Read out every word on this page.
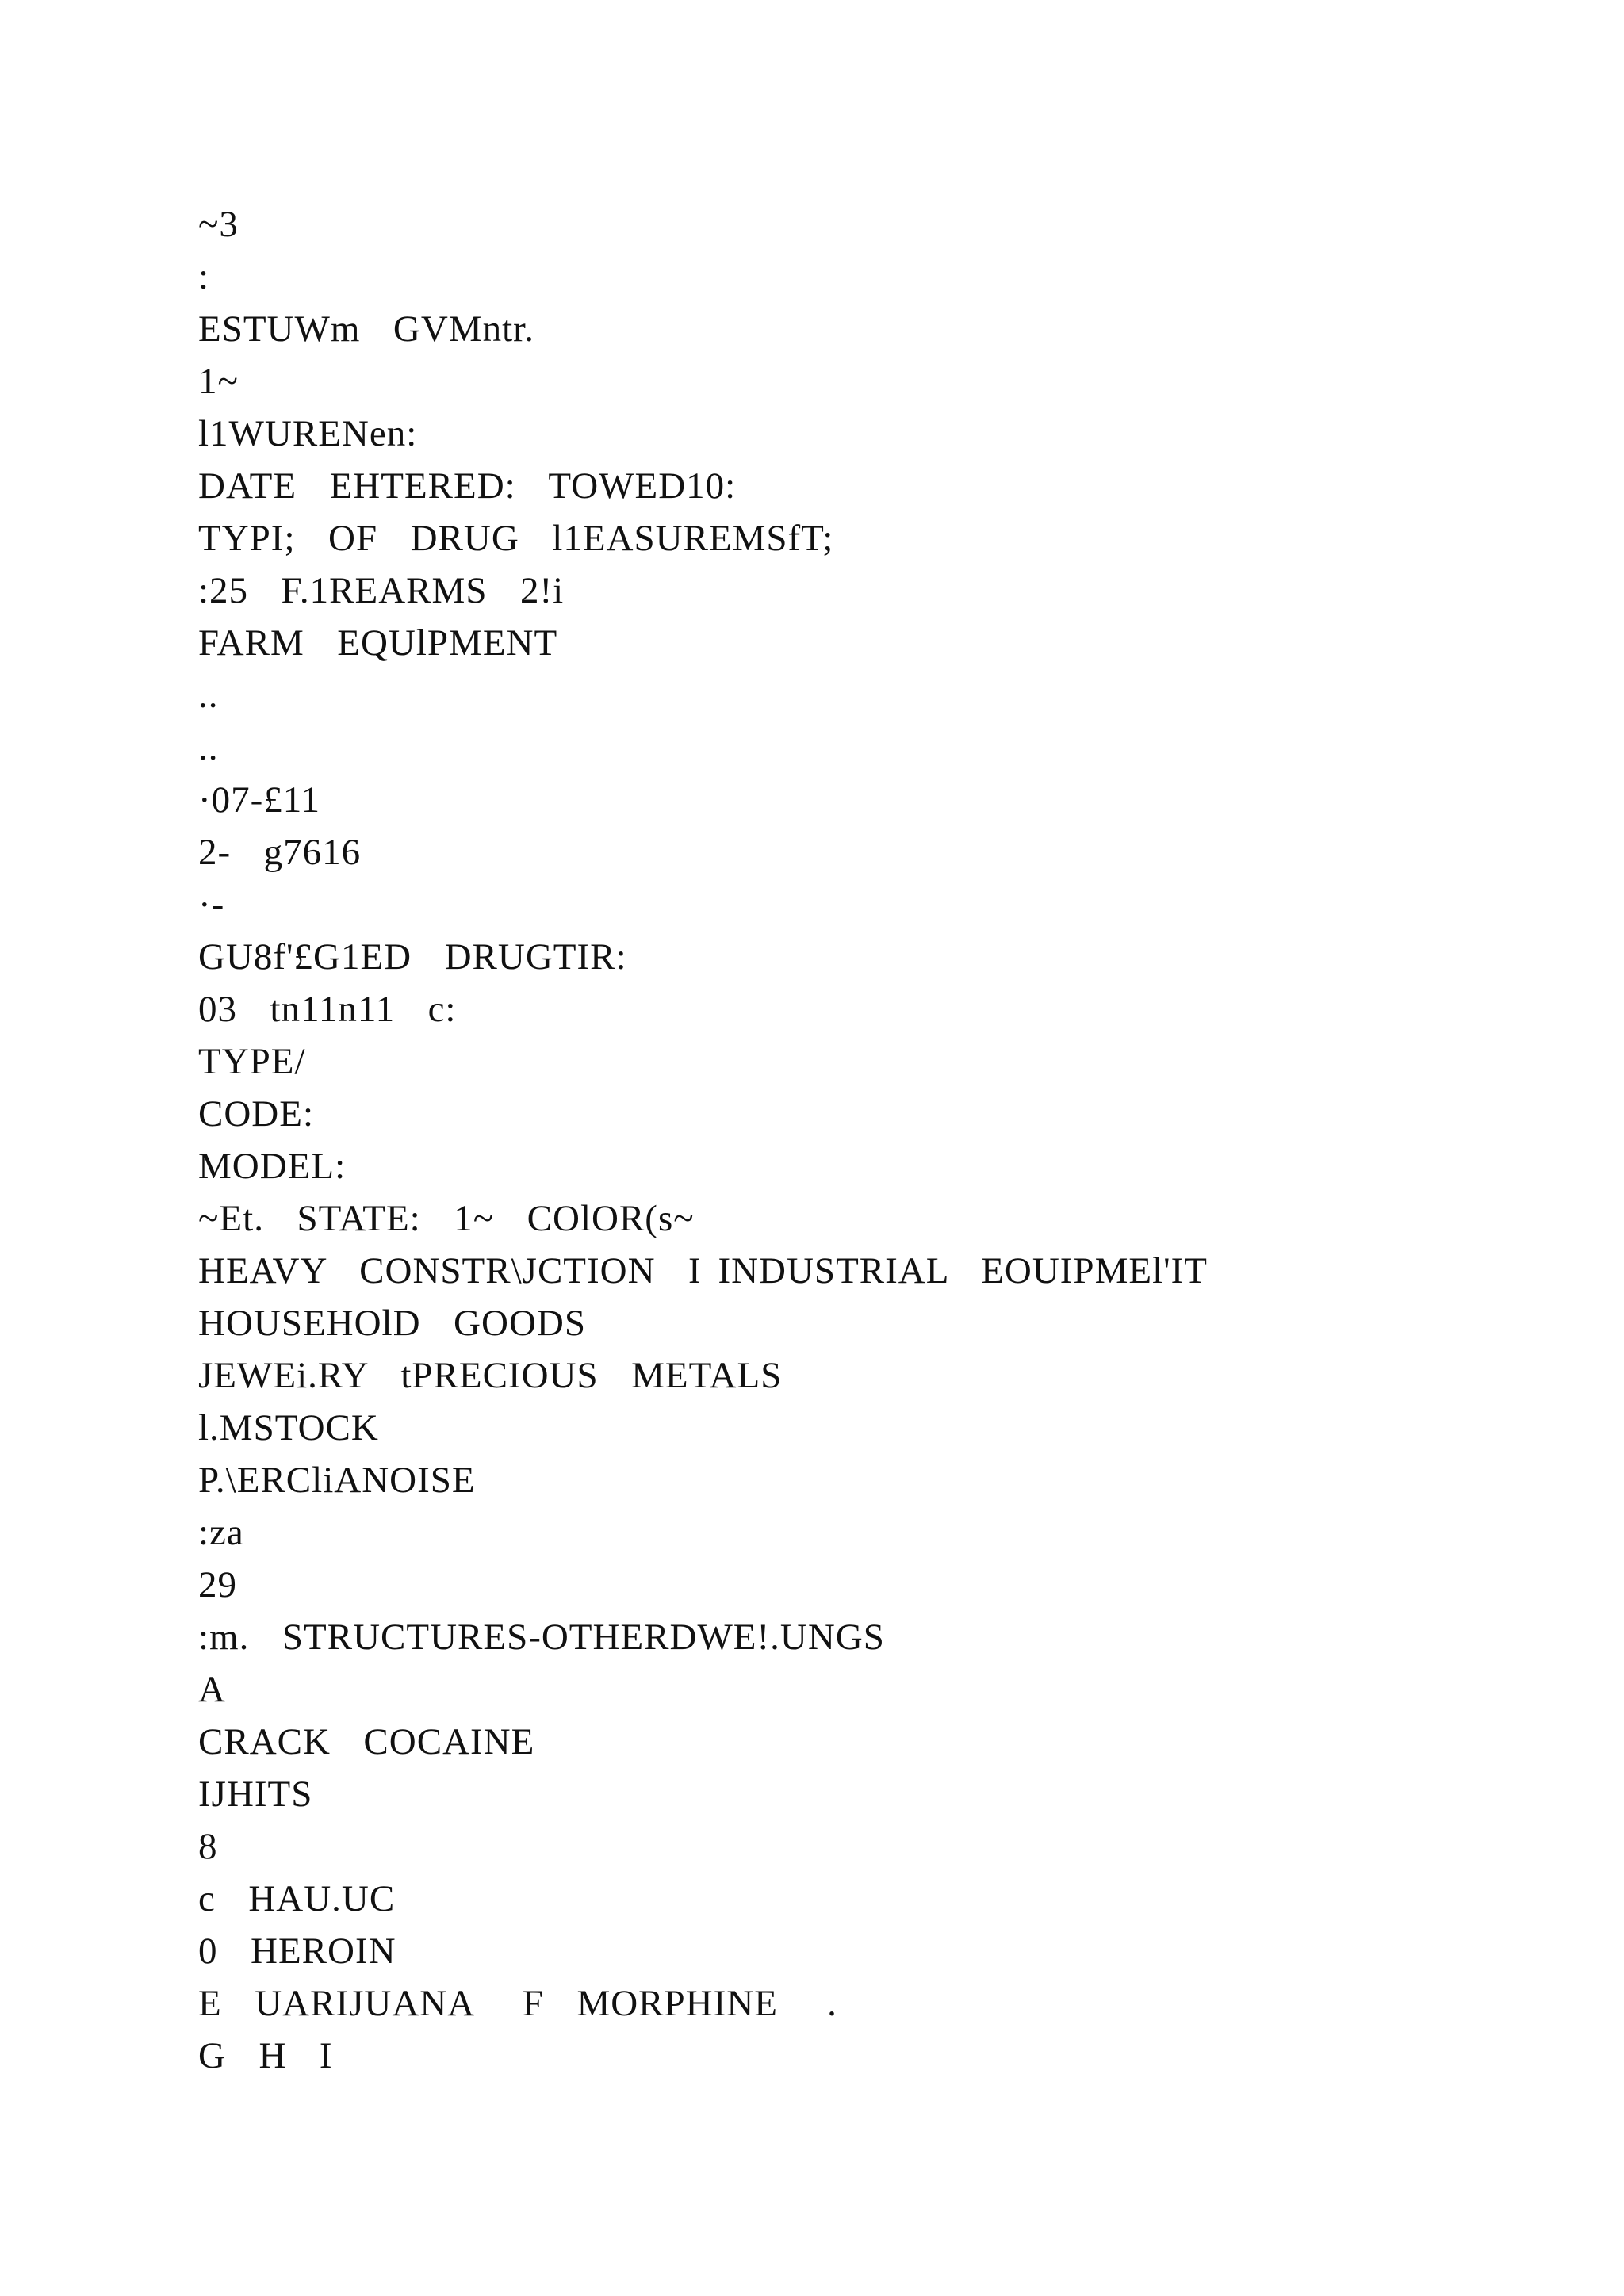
~3
:
ESTUWm  GVMntr.
1~
l1WURENen:
DATE  EHTERED:  TOWED10:
TYPI;  OF  DRUG  l1EASUREMSfT;
:25  F.1REARMS  2!i
FARM  EQUlPMENT
..
..
·07-£11
2-  g7616
·-
GU8f'£G1ED  DRUGTIR:
03  tn11n11  c:
TYPE/
CODE:
MODEL:
~Et.  STATE:  1~  COlOR(s~
HEAVY  CONSTR\JCTION  I INDUSTRIAL  EOUIPMEl'IT
HOUSEHOlD  GOODS
JEWEi.RY  tPRECIOUS  METALS
l.MSTOCK
P.\ERCliANOISE
:za
29
:m.  STRUCTURES-OTHERDWE!.UNGS
A
CRACK  COCAINE
IJHITS
8
c  HAU.UC
0  HEROIN
E  UARIJUANA   F  MORPHINE   .
G  H  I
